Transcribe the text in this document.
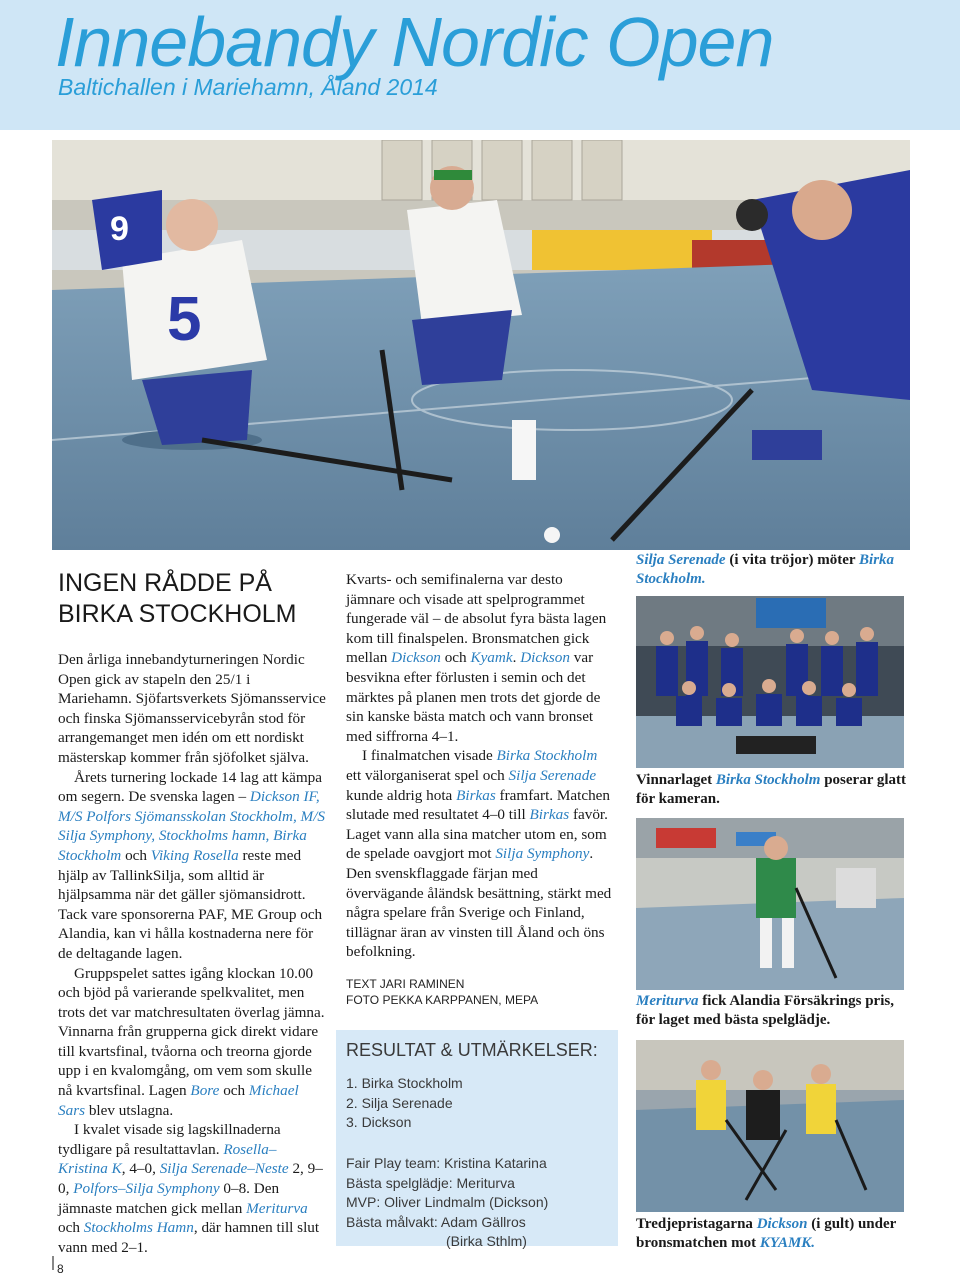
Innebandy Nordic Open
Baltichallen i Mariehamn, Åland 2014
5
9
INGEN RÅDDE PÅ
BIRKA STOCKHOLM

Den årliga innebandyturneringen Nordic Open gick av stapeln den 25/1 i Mariehamn. Sjöfartsverkets Sjömansservice och finska Sjömansservicebyrån stod för arrangemanget men idén om ett nordiskt mästerskap kommer från sjöfolket själva.

Årets turnering lockade 14 lag att kämpa om segern. De svenska lagen – Dickson IF, M/S Polfors Sjömansskolan Stockholm, M/S Silja Symphony, Stockholms hamn, Birka Stockholm och Viking Rosella reste med hjälp av TallinkSilja, som alltid är hjälpsamma när det gäller sjömansidrott. Tack vare sponsorerna PAF, ME Group och Alandia, kan vi hålla kostnaderna nere för de deltagande lagen.

Gruppspelet sattes igång klockan 10.00 och bjöd på varierande spelkvalitet, men trots det var matchresultaten överlag jämna. Vinnarna från grupperna gick direkt vidare till kvartsfinal, tvåorna och treorna gjorde upp i en kvalomgång, om vem som skulle nå kvartsfinal. Lagen Bore och Michael Sars blev utslagna.

I kvalet visade sig lagskillnaderna tydligare på resultattavlan. Rosella–Kristina K, 4–0, Silja Serenade–Neste 2, 9–0, Polfors–Silja Symphony 0–8. Den jämnaste matchen gick mellan Meriturva och Stockholms Hamn, där hamnen till slut vann med 2–1.

Kvarts- och semifinalerna var desto jämnare och visade att spelprogrammet fungerade väl – de absolut fyra bästa lagen kom till finalspelen. Bronsmatchen gick mellan Dickson och Kyamk. Dickson var besvikna efter förlusten i semin och det märktes på planen men trots det gjorde de sin kanske bästa match och vann bronset med siffrorna 4–1.

I finalmatchen visade Birka Stockholm ett välorganiserat spel och Silja Serenade kunde aldrig hota Birkas framfart. Matchen slutade med resultatet 4–0 till Birkas favör. Laget vann alla sina matcher utom en, som de spelade oavgjort mot Silja Symphony. Den svenskflaggade färjan med övervägande åländsk besättning, stärkt med några spelare från Sverige och Finland, tillägnar äran av vinsten till Åland och öns befolkning.

TEXT JARI RAMINEN
FOTO PEKKA KARPPANEN, MEPA
RESULTAT & UTMÄRKELSER:
1. Birka Stockholm
2. Silja Serenade
3. Dickson
Fair Play team: Kristina Katarina
Bästa spelglädje: Meriturva
MVP: Oliver Lindmalm (Dickson)
Bästa målvakt: Adam Gällros
(Birka Sthlm)
Silja Serenade (i vita tröjor) möter Birka Stockholm.
Vinnarlaget Birka Stockholm poserar glatt för kameran.
Meriturva fick Alandia Försäkrings pris, för laget med bästa spelglädje.
Tredjepristagarna Dickson (i gult) under bronsmatchen mot KYAMK.
8
